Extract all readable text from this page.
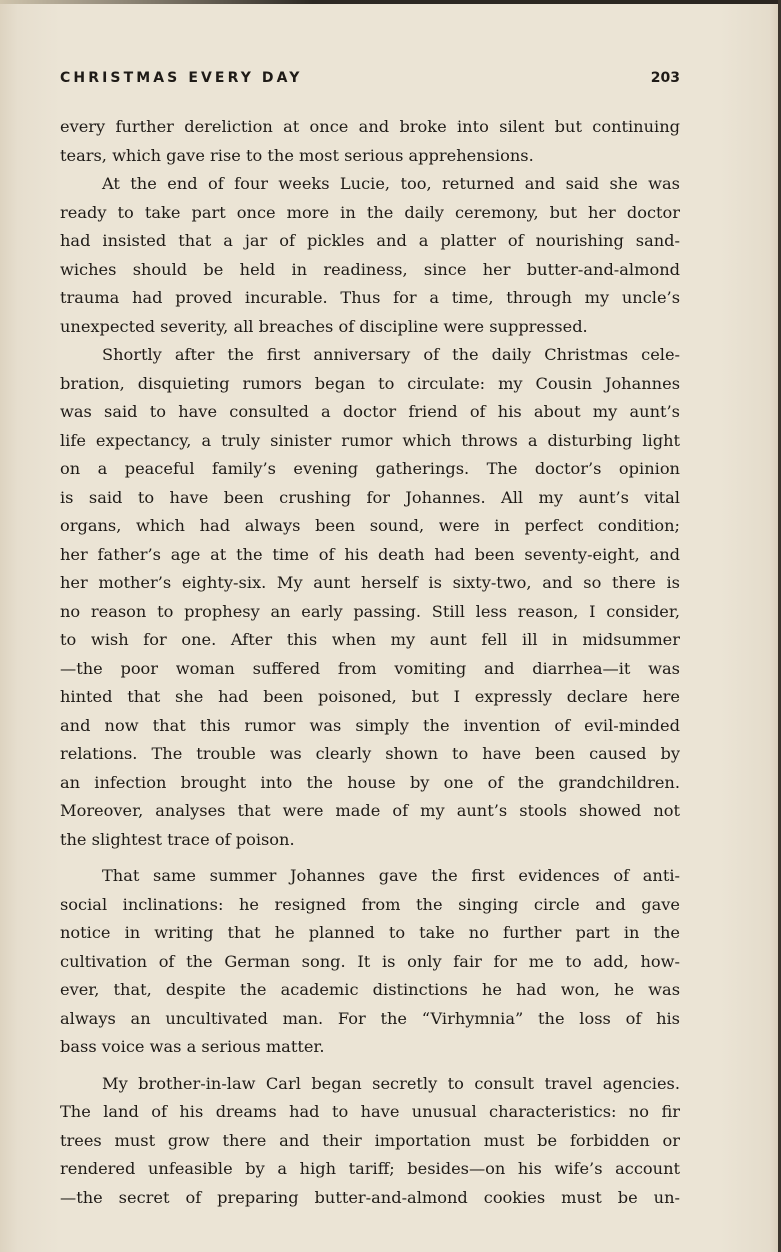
CHRISTMAS EVERY DAY	203
every further dereliction at once and broke into silent but continuing
tears, which gave rise to the most serious apprehensions.
At the end of four weeks Lucie, too, returned and said she was
ready to take part once more in the daily ceremony, but her doctor
had insisted that a jar of pickles and a platter of nourishing sand-
wiches should be held in readiness, since her butter-and-almond
trauma had proved incurable. Thus for a time, through my uncle’s
unexpected severity, all breaches of discipline were suppressed.
Shortly after the first anniversary of the daily Christmas cele-
bration, disquieting rumors began to circulate: my Cousin Johannes
was said to have consulted a doctor friend of his about my aunt’s
life expectancy, a truly sinister rumor which throws a disturbing light
on a peaceful family’s evening gatherings. The doctor’s opinion
is said to have been crushing for Johannes. All my aunt’s vital
organs, which had always been sound, were in perfect condition;
her father’s age at the time of his death had been seventy-eight, and
her mother’s eighty-six. My aunt herself is sixty-two, and so there is
no reason to prophesy an early passing. Still less reason, I consider,
to wish for one. After this when my aunt fell ill in midsummer
—the poor woman suffered from vomiting and diarrhea—it was
hinted that she had been poisoned, but I expressly declare here
and now that this rumor was simply the invention of evil-minded
relations. The trouble was clearly shown to have been caused by
an infection brought into the house by one of the grandchildren.
Moreover, analyses that were made of my aunt’s stools showed not
the slightest trace of poison.
That same summer Johannes gave the first evidences of anti-
social inclinations: he resigned from the singing circle and gave
notice in writing that he planned to take no further part in the
cultivation of the German song. It is only fair for me to add, how-
ever, that, despite the academic distinctions he had won, he was
always an uncultivated man. For the “Virhymnia” the loss of his
bass voice was a serious matter.
My brother-in-law Carl began secretly to consult travel agencies.
The land of his dreams had to have unusual characteristics: no fir
trees must grow there and their importation must be forbidden or
rendered unfeasible by a high tariff; besides—on his wife’s account
—the secret of preparing butter-and-almond cookies must be un-
